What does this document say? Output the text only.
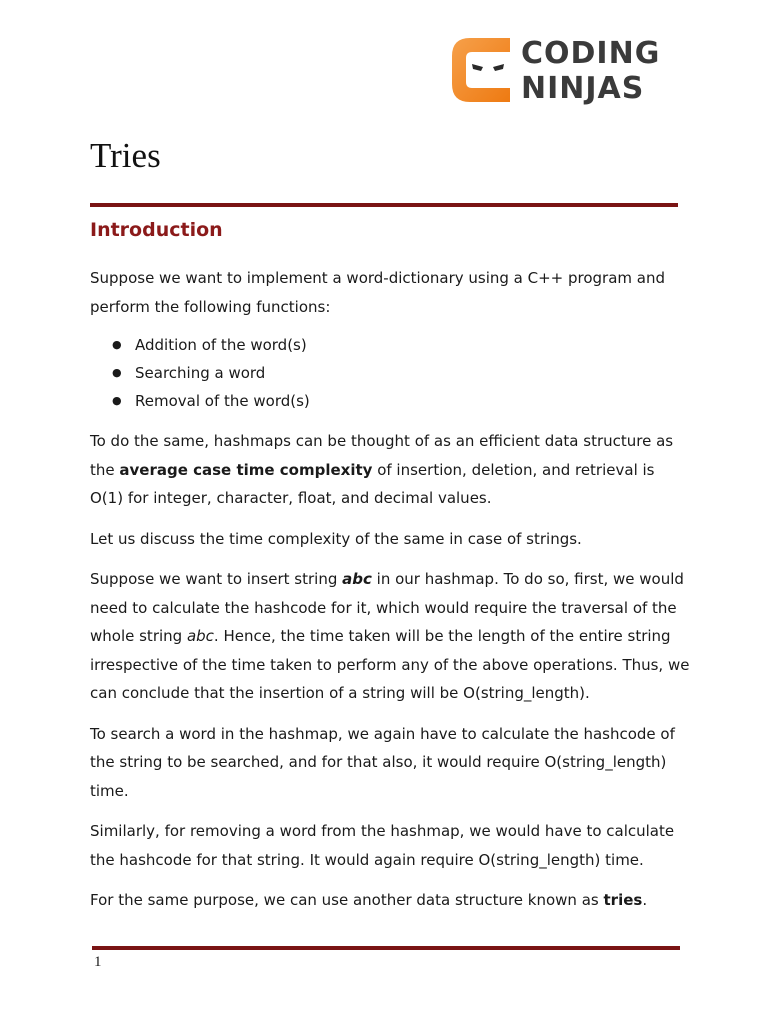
CODING
NINJAS
Tries
Introduction

Suppose we want to implement a word-dictionary using a C++ program and perform the following functions:

● Addition of the word(s)
● Searching a word
● Removal of the word(s)

To do the same, hashmaps can be thought of as an efficient data structure as the average case time complexity of insertion, deletion, and retrieval is O(1) for integer, character, float, and decimal values.

Let us discuss the time complexity of the same in case of strings.

Suppose we want to insert string abc in our hashmap. To do so, first, we would need to calculate the hashcode for it, which would require the traversal of the whole string abc. Hence, the time taken will be the length of the entire string irrespective of the time taken to perform any of the above operations. Thus, we can conclude that the insertion of a string will be O(string_length).

To search a word in the hashmap, we again have to calculate the hashcode of the string to be searched, and for that also, it would require O(string_length) time.

Similarly, for removing a word from the hashmap, we would have to calculate the hashcode for that string. It would again require O(string_length) time.

For the same purpose, we can use another data structure known as tries.

1
